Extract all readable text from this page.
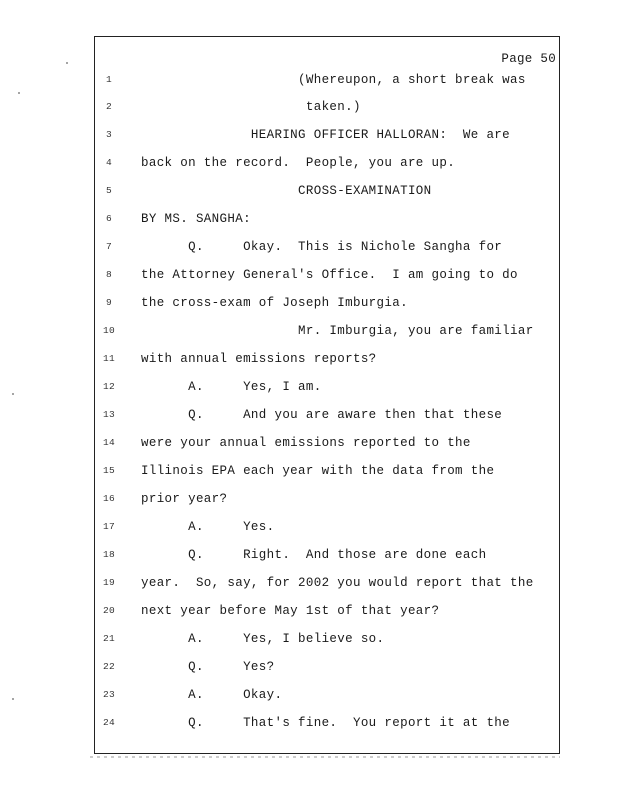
Page 50
1	(Whereupon, a short break was
2	taken.)
3	HEARING OFFICER HALLORAN:  We are
4	back on the record.  People, you are up.
5	CROSS-EXAMINATION
6	BY MS. SANGHA:
7	Q.     Okay.  This is Nichole Sangha for
8	the Attorney General's Office.  I am going to do
9	the cross-exam of Joseph Imburgia.
10	Mr. Imburgia, you are familiar
11	with annual emissions reports?
12	A.     Yes, I am.
13	Q.     And you are aware then that these
14	were your annual emissions reported to the
15	Illinois EPA each year with the data from the
16	prior year?
17	A.     Yes.
18	Q.     Right.  And those are done each
19	year.  So, say, for 2002 you would report that the
20	next year before May 1st of that year?
21	A.     Yes, I believe so.
22	Q.     Yes?
23	A.     Okay.
24	Q.     That's fine.  You report it at the
